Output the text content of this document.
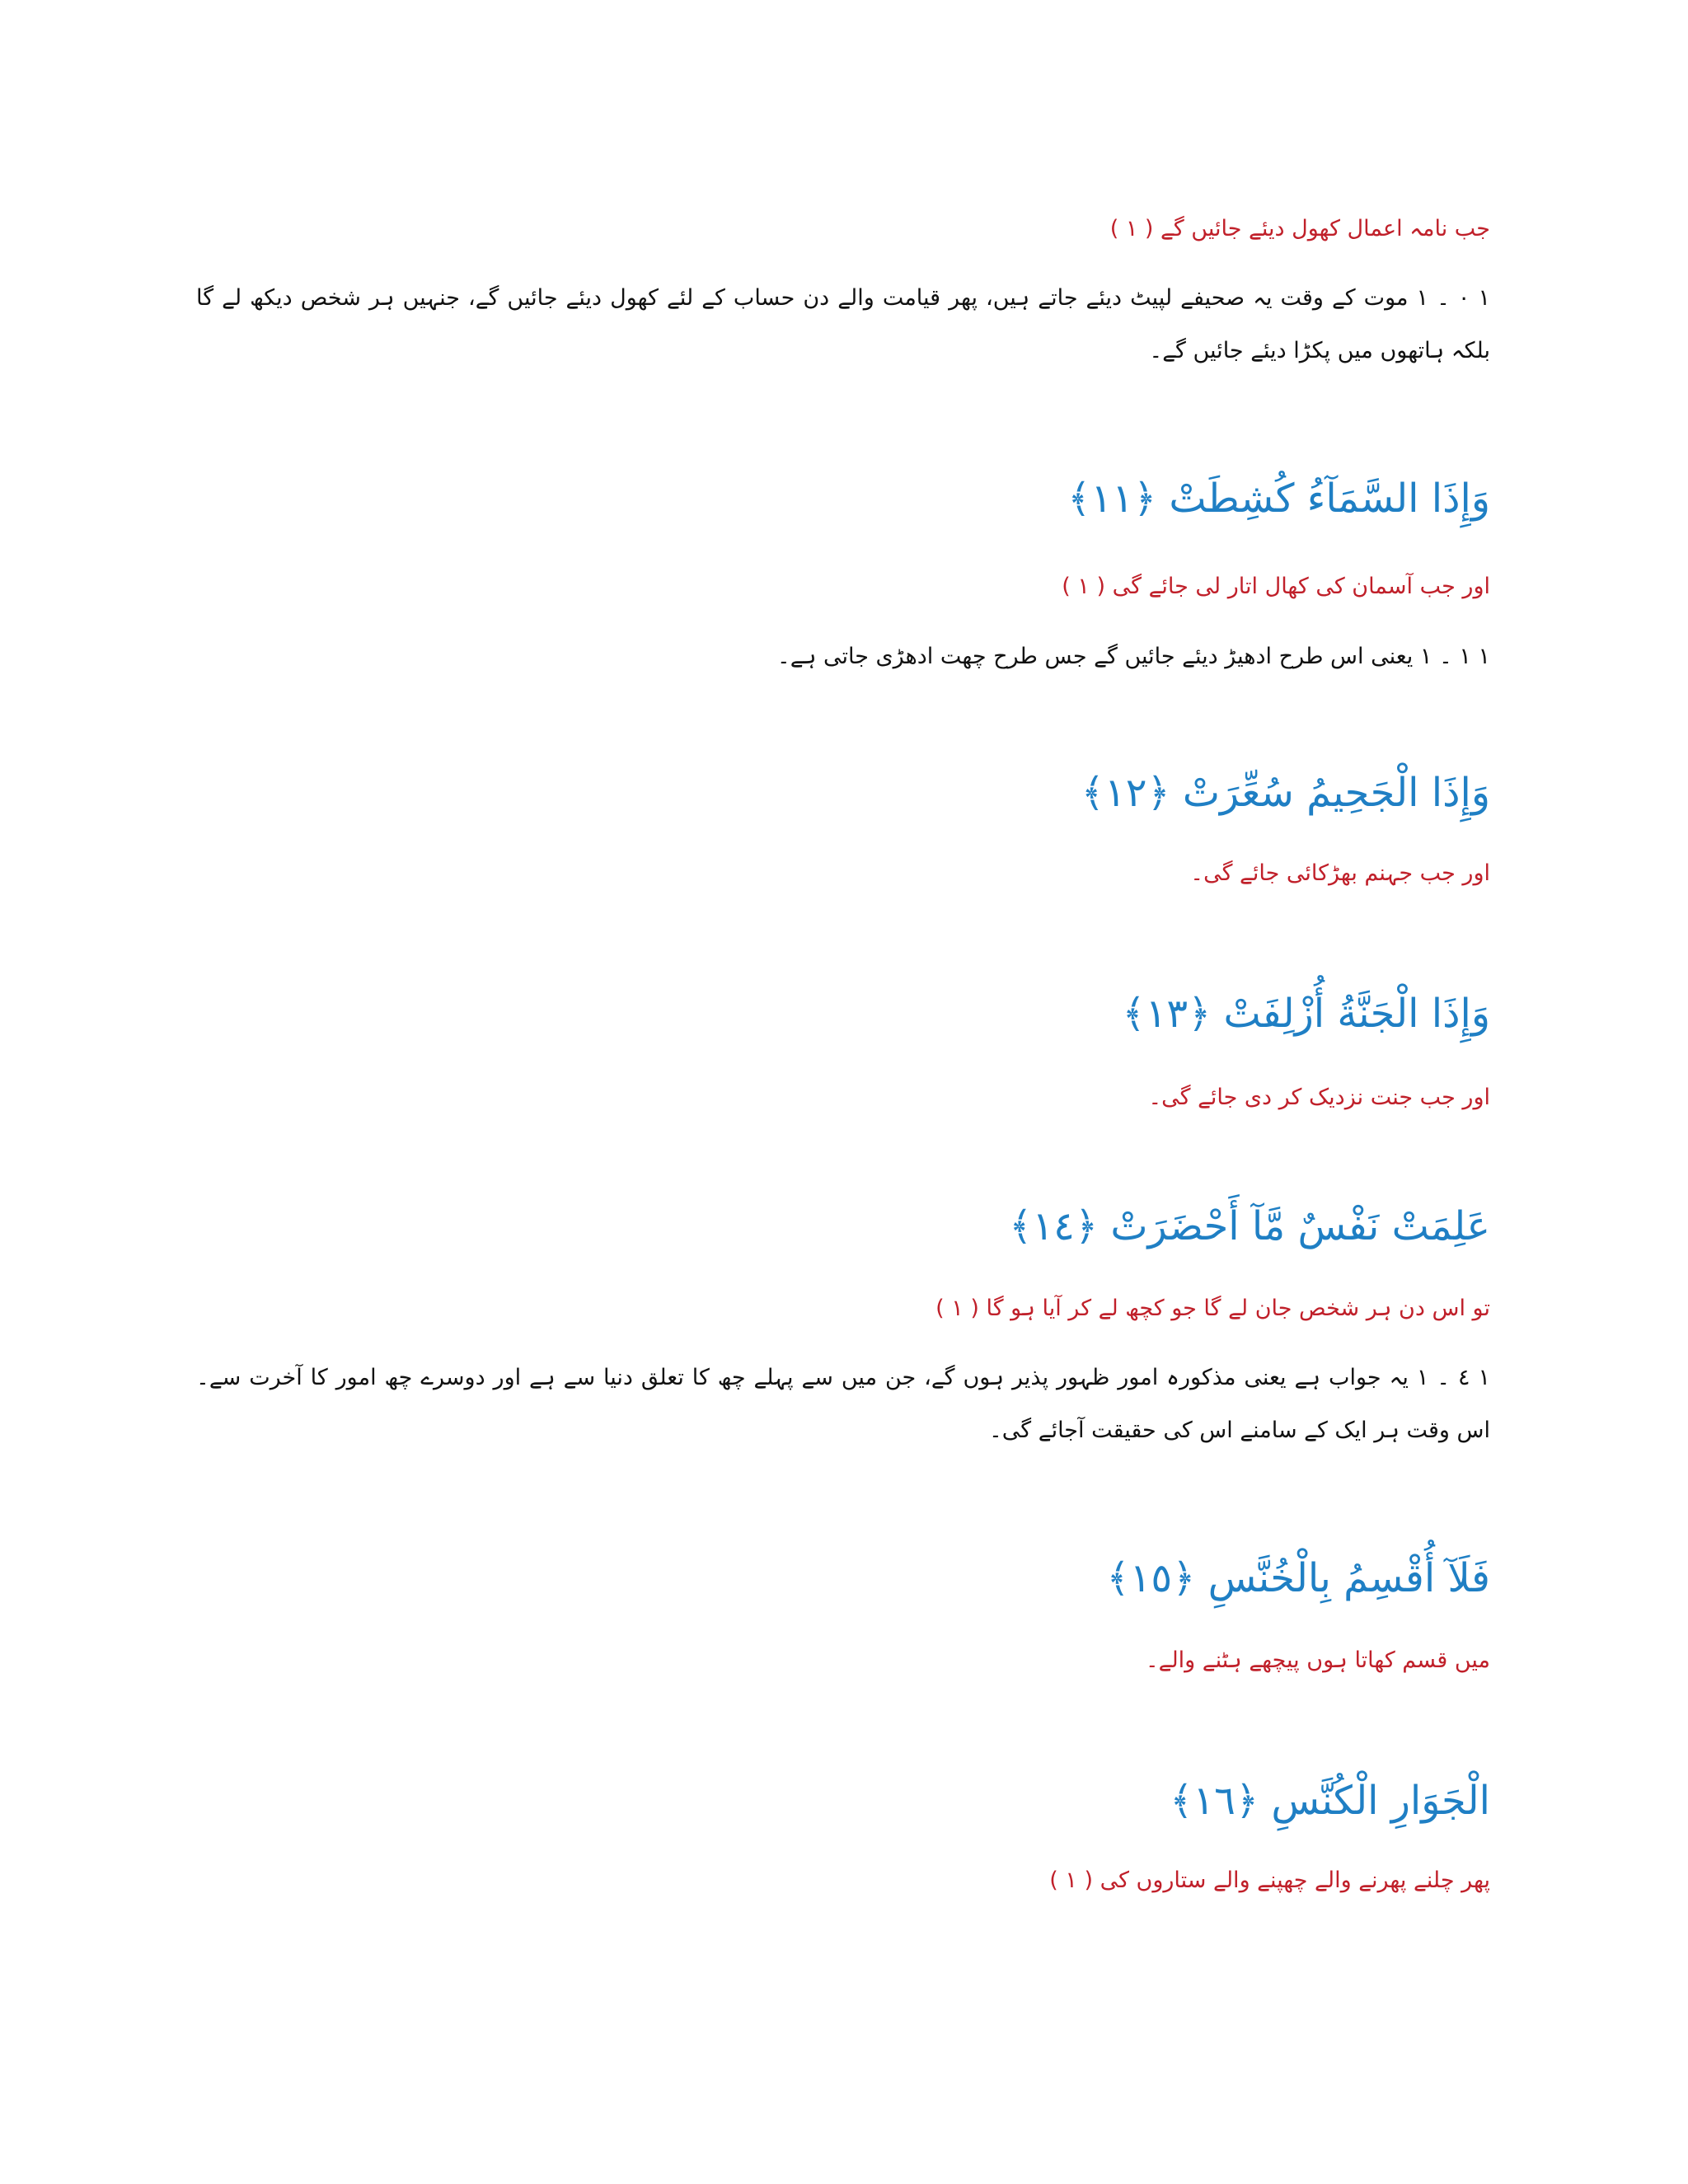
جب نامہ اعمال کھول دیئے جائیں گے ( ۱ )
۱ ۰ ۔ ۱ موت کے وقت یہ صحیفے لپیٹ دیئے جاتے ہیں، پھر قیامت والے دن حساب کے لئے کھول دیئے جائیں گے، جنہیں ہر شخص دیکھ لے گا بلکہ ہاتھوں میں پکڑا دیئے جائیں گے۔
وَإِذَا السَّمَآءُ كُشِطَتْ ﴿١١﴾
اور جب آسمان کی کھال اتار لی جائے گی ( ۱ )
۱ ۱ ۔ ۱ یعنی اس طرح ادھیڑ دیئے جائیں گے جس طرح چھت ادھڑی جاتی ہے۔
وَإِذَا الْجَحِيمُ سُعِّرَتْ ﴿١٢﴾
اور جب جہنم بھڑکائی جائے گی۔
وَإِذَا الْجَنَّةُ أُزْلِفَتْ ﴿١٣﴾
اور جب جنت نزدیک کر دی جائے گی۔
عَلِمَتْ نَفْسٌ مَّآ أَحْضَرَتْ ﴿١٤﴾
تو اس دن ہر شخص جان لے گا جو کچھ لے کر آیا ہو گا ( ۱ )
۱ ٤ ۔ ۱ یہ جواب ہے یعنی مذکورہ امور ظہور پذیر ہوں گے، جن میں سے پہلے چھ کا تعلق دنیا سے ہے اور دوسرے چھ امور کا آخرت سے۔ اس وقت ہر ایک کے سامنے اس کی حقیقت آجائے گی۔
فَلَآ أُقْسِمُ بِالْخُنَّسِ ﴿١٥﴾
میں قسم کھاتا ہوں پیچھے ہٹنے والے۔
الْجَوَارِ الْكُنَّسِ ﴿١٦﴾
پھر چلنے پھرنے والے چھپنے والے ستاروں کی ( ۱ )
